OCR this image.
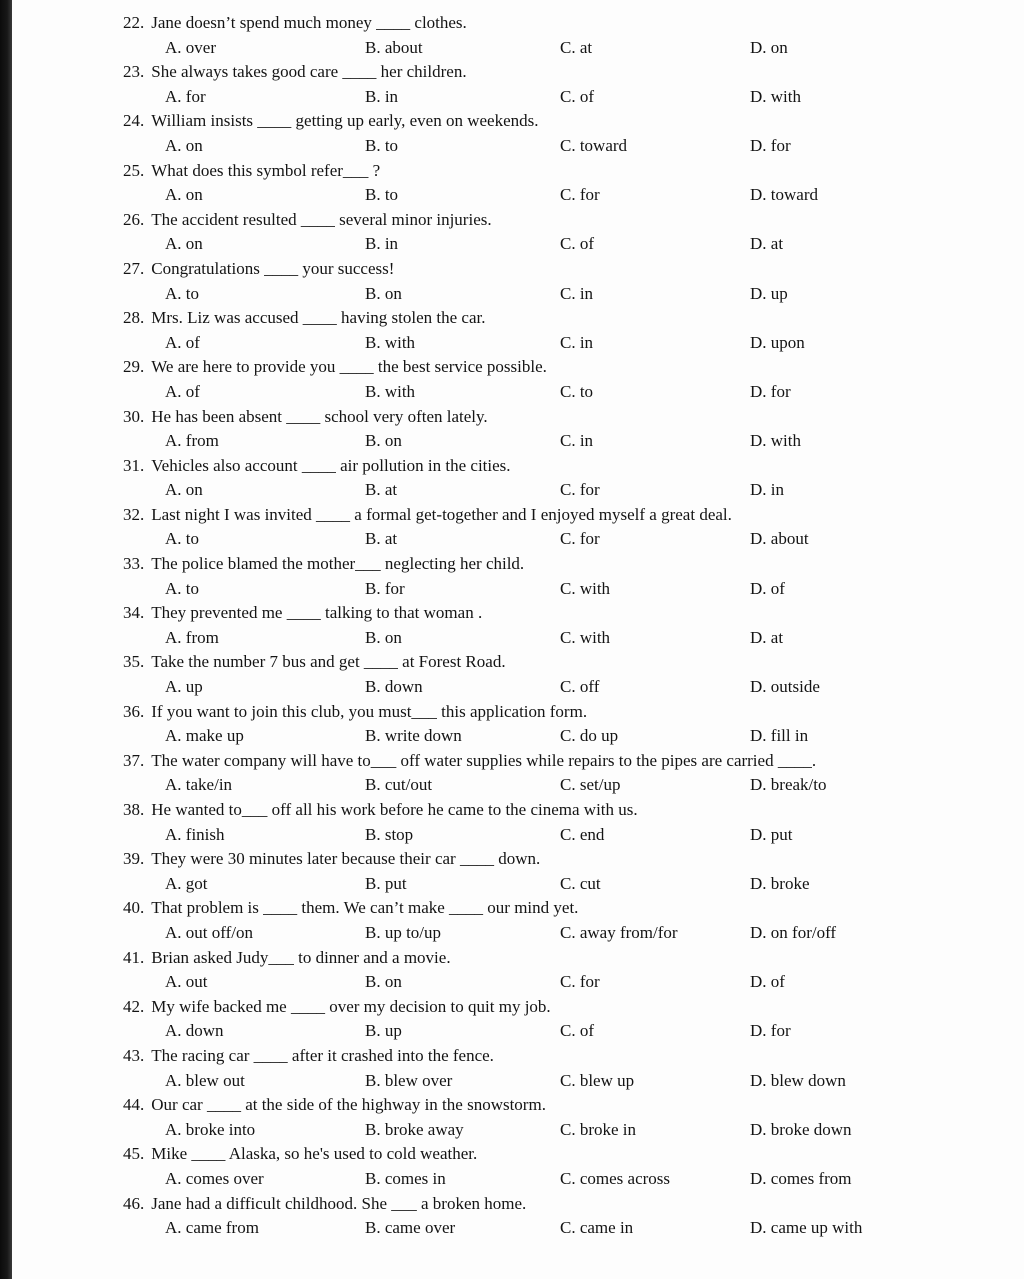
22. Jane doesn’t spend much money ____ clothes.
A. over	B. about	C. at	D. on
23. She always takes good care ____ her children.
A. for	B. in	C. of	D. with
24. William insists ____ getting up early, even on weekends.
A. on	B. to	C. toward	D. for
25. What does this symbol refer___ ?
A. on	B. to	C. for	D. toward
26. The accident resulted ____ several minor injuries.
A. on	B. in	C. of	D. at
27. Congratulations ____ your success!
A. to	B. on	C. in	D. up
28. Mrs. Liz was accused ____ having stolen the car.
A. of	B. with	C. in	D. upon
29. We are here to provide you ____ the best service possible.
A. of	B. with	C. to	D. for
30. He has been absent ____ school very often lately.
A. from	B. on	C. in	D. with
31. Vehicles also account ____ air pollution in the cities.
A. on	B. at	C. for	D. in
32. Last night I was invited ____ a formal get-together and I enjoyed myself a great deal.
A. to	B. at	C. for	D. about
33. The police blamed the mother___ neglecting her child.
A. to	B. for	C. with	D. of
34. They prevented me ____ talking to that woman .
A. from	B. on	C. with	D. at
35. Take the number 7 bus and get ____ at Forest Road.
A. up	B. down	C. off	D. outside
36. If you want to join this club, you must___ this application form.
A. make up	B. write down	C. do up	D. fill in
37. The water company will have to___ off water supplies while repairs to the pipes are carried ____.
A. take/in	B. cut/out	C. set/up	D. break/to
38. He wanted to___ off all his work before he came to the cinema with us.
A. finish	B. stop	C. end	D. put
39. They were 30 minutes later because their car ____ down.
A. got	B. put	C. cut	D. broke
40. That problem is ____ them. We can’t make ____ our mind yet.
A. out off/on	B. up to/up	C. away from/for	D. on for/off
41. Brian asked Judy___ to dinner and a movie.
A. out	B. on	C. for	D. of
42. My wife backed me ____ over my decision to quit my job.
A. down	B. up	C. of	D. for
43. The racing car ____ after it crashed into the fence.
A. blew out	B. blew over	C. blew up	D. blew down
44. Our car ____ at the side of the highway in the snowstorm.
A. broke into	B. broke away	C. broke in	D. broke down
45. Mike ____ Alaska, so he's used to cold weather.
A. comes over	B. comes in	C. comes across	D. comes from
46. Jane had a difficult childhood. She ___ a broken home.
A. came from	B. came over	C. came in	D. came up with
